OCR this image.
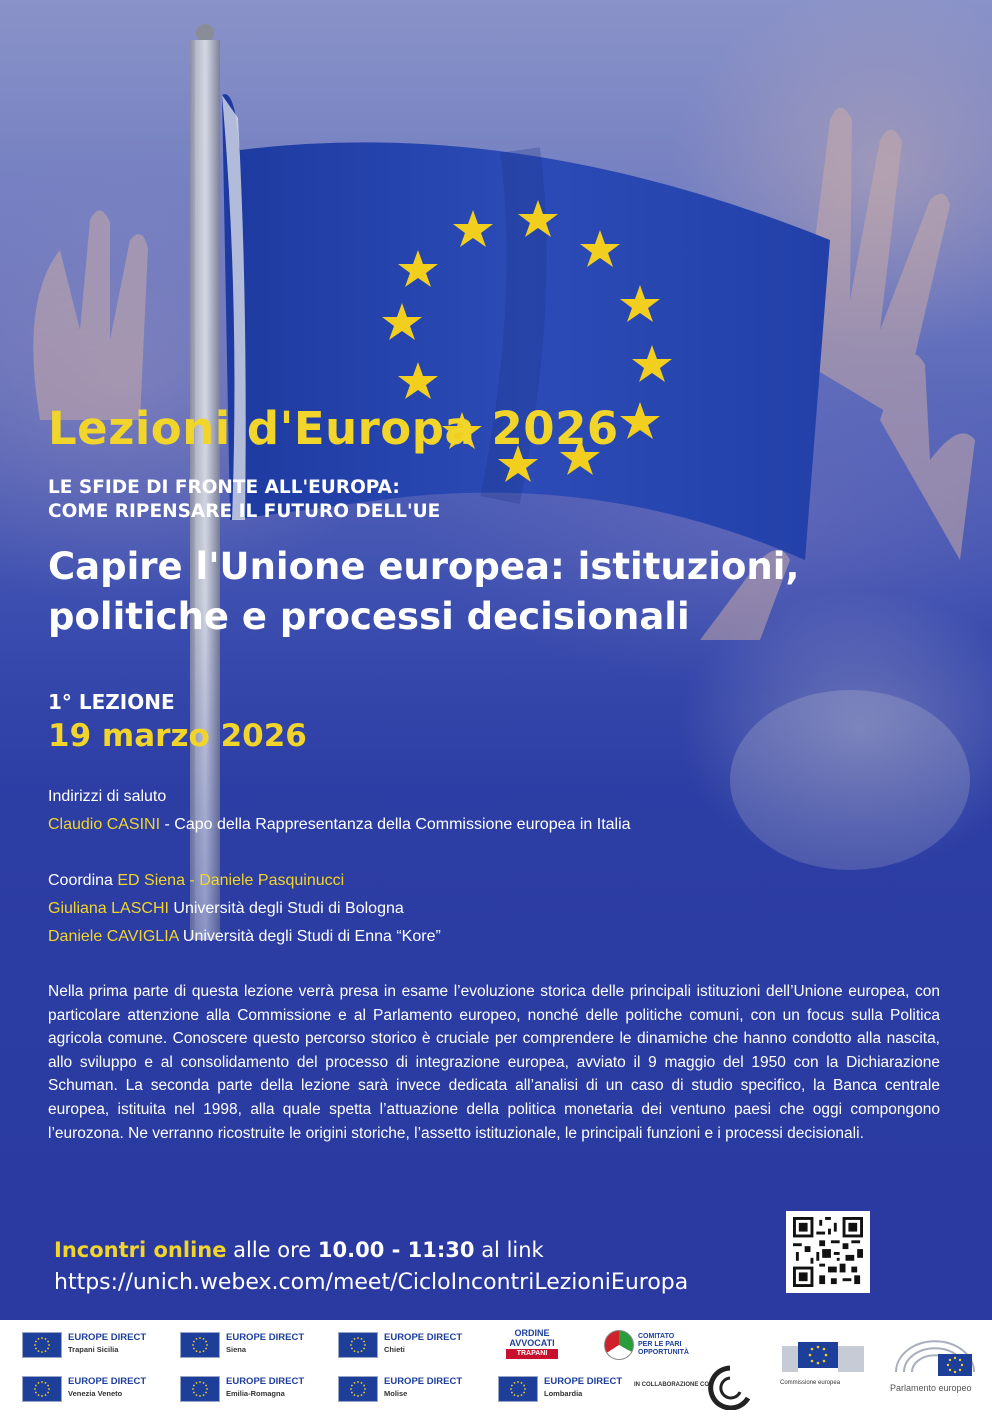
Lezioni d'Europa 2026
LE SFIDE DI FRONTE ALL'EUROPA:
COME RIPENSARE IL FUTURO DELL'UE
Capire l'Unione europea: istituzioni,
politiche e processi decisionali
1° LEZIONE
19 marzo 2026
Indirizzi di saluto
Claudio CASINI - Capo della Rappresentanza della Commissione europea in Italia
Coordina ED Siena - Daniele Pasquinucci
Giuliana LASCHI Università degli Studi di Bologna
Daniele CAVIGLIA Università degli Studi di Enna “Kore”
Nella prima parte di questa lezione verrà presa in esame l’evoluzione storica delle principali istituzioni dell’Unione europea, con particolare attenzione alla Commissione e al Parlamento europeo, nonché delle politiche comuni, con un focus sulla Politica agricola comune. Conoscere questo percorso storico è cruciale per comprendere le dinamiche che hanno condotto alla nascita, allo sviluppo e al consolidamento del processo di integrazione europea, avviato il 9 maggio del 1950 con la Dichiarazione Schuman. La seconda parte della lezione sarà invece dedicata all’analisi di un caso di studio specifico, la Banca centrale europea, istituita nel 1998, alla quale spetta l’attuazione della politica monetaria dei ventuno paesi che oggi compongono l’eurozona. Ne verranno ricostruite le origini storiche, l’assetto istituzionale, le principali funzioni e i processi decisionali.
Incontri online alle ore 10.00 - 11:30 al link
https://unich.webex.com/meet/CicloIncontriLezioniEuropa
EUROPE DIRECT
Trapani Sicilia
EUROPE DIRECT
Siena
EUROPE DIRECT
Chieti
EUROPE DIRECT
Venezia Veneto
EUROPE DIRECT
Emilia-Romagna
EUROPE DIRECT
Molise
EUROPE DIRECT
Lombardia
ORDINE
AVVOCATI
TRAPANI
COMITATO
PER LE PARI
OPPORTUNITÀ
IN COLLABORAZIONE CON	Commissione europea	Parlamento europeo
